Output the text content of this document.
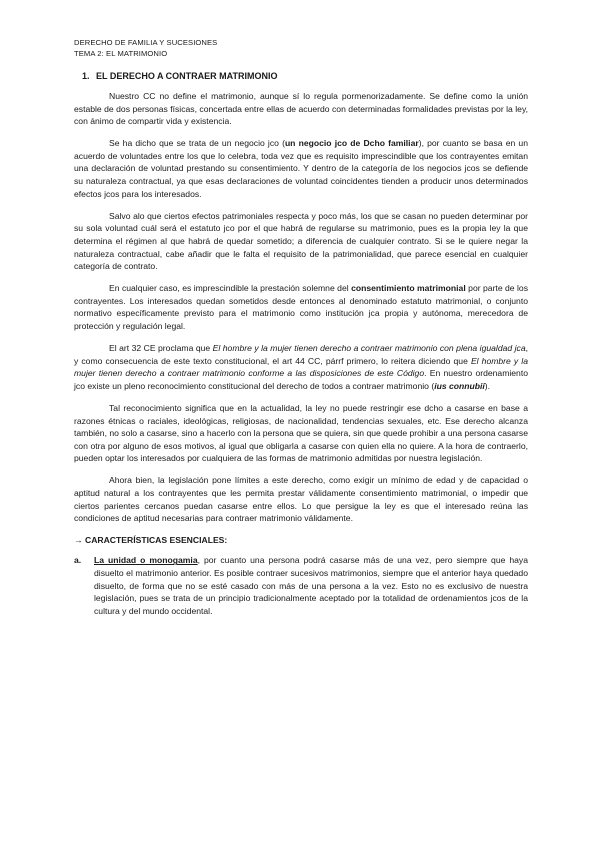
DERECHO DE FAMILIA Y SUCESIONES
TEMA 2: EL MATRIMONIO
1. EL DERECHO A CONTRAER MATRIMONIO

Nuestro CC no define el matrimonio, aunque sí lo regula pormenorizadamente. Se define como la unión estable de dos personas físicas, concertada entre ellas de acuerdo con determinadas formalidades previstas por la ley, con ánimo de compartir vida y existencia.

Se ha dicho que se trata de un negocio jco (un negocio jco de Dcho familiar), por cuanto se basa en un acuerdo de voluntades entre los que lo celebra, toda vez que es requisito imprescindible que los contrayentes emitan una declaración de voluntad prestando su consentimiento. Y dentro de la categoría de los negocios jcos se defiende su naturaleza contractual, ya que esas declaraciones de voluntad coincidentes tienden a producir unos determinados efectos jcos para los interesados.

Salvo alo que ciertos efectos patrimoniales respecta y poco más, los que se casan no pueden determinar por su sola voluntad cuál será el estatuto jco por el que habrá de regularse su matrimonio, pues es la propia ley la que determina el régimen al que habrá de quedar sometido; a diferencia de cualquier contrato. Si se le quiere negar la naturaleza contractual, cabe añadir que le falta el requisito de la patrimonialidad, que parece esencial en cualquier categoría de contrato.

En cualquier caso, es imprescindible la prestación solemne del consentimiento matrimonial por parte de los contrayentes. Los interesados quedan sometidos desde entonces al denominado estatuto matrimonial, o conjunto normativo específicamente previsto para el matrimonio como institución jca propia y autónoma, merecedora de protección y regulación legal.

El art 32 CE proclama que El hombre y la mujer tienen derecho a contraer matrimonio con plena igualdad jca, y como consecuencia de este texto constitucional, el art 44 CC, párrf primero, lo reitera diciendo que El hombre y la mujer tienen derecho a contraer matrimonio conforme a las disposiciones de este Código. En nuestro ordenamiento jco existe un pleno reconocimiento constitucional del derecho de todos a contraer matrimonio (ius connubii).

Tal reconocimiento significa que en la actualidad, la ley no puede restringir ese dcho a casarse en base a razones étnicas o raciales, ideológicas, religiosas, de nacionalidad, tendencias sexuales, etc. Ese derecho alcanza también, no solo a casarse, sino a hacerlo con la persona que se quiera, sin que quede prohibir a una persona casarse con otra por alguno de esos motivos, al igual que obligarla a casarse con quien ella no quiere. A la hora de contraerlo, pueden optar los interesados por cualquiera de las formas de matrimonio admitidas por nuestra legislación.

Ahora bien, la legislación pone límites a este derecho, como exigir un mínimo de edad y de capacidad o aptitud natural a los contrayentes que les permita prestar válidamente consentimiento matrimonial, o impedir que ciertos parientes cercanos puedan casarse entre ellos. Lo que persigue la ley es que el interesado reúna las condiciones de aptitud necesarias para contraer matrimonio válidamente.

→ CARACTERÍSTICAS ESENCIALES:
a. La unidad o monogamia, por cuanto una persona podrá casarse más de una vez, pero siempre que haya disuelto el matrimonio anterior. Es posible contraer sucesivos matrimonios, siempre que el anterior haya quedado disuelto, de forma que no se esté casado con más de una persona a la vez. Esto no es exclusivo de nuestra legislación, pues se trata de un principio tradicionalmente aceptado por la totalidad de ordenamientos jcos de la cultura y del mundo occidental.
